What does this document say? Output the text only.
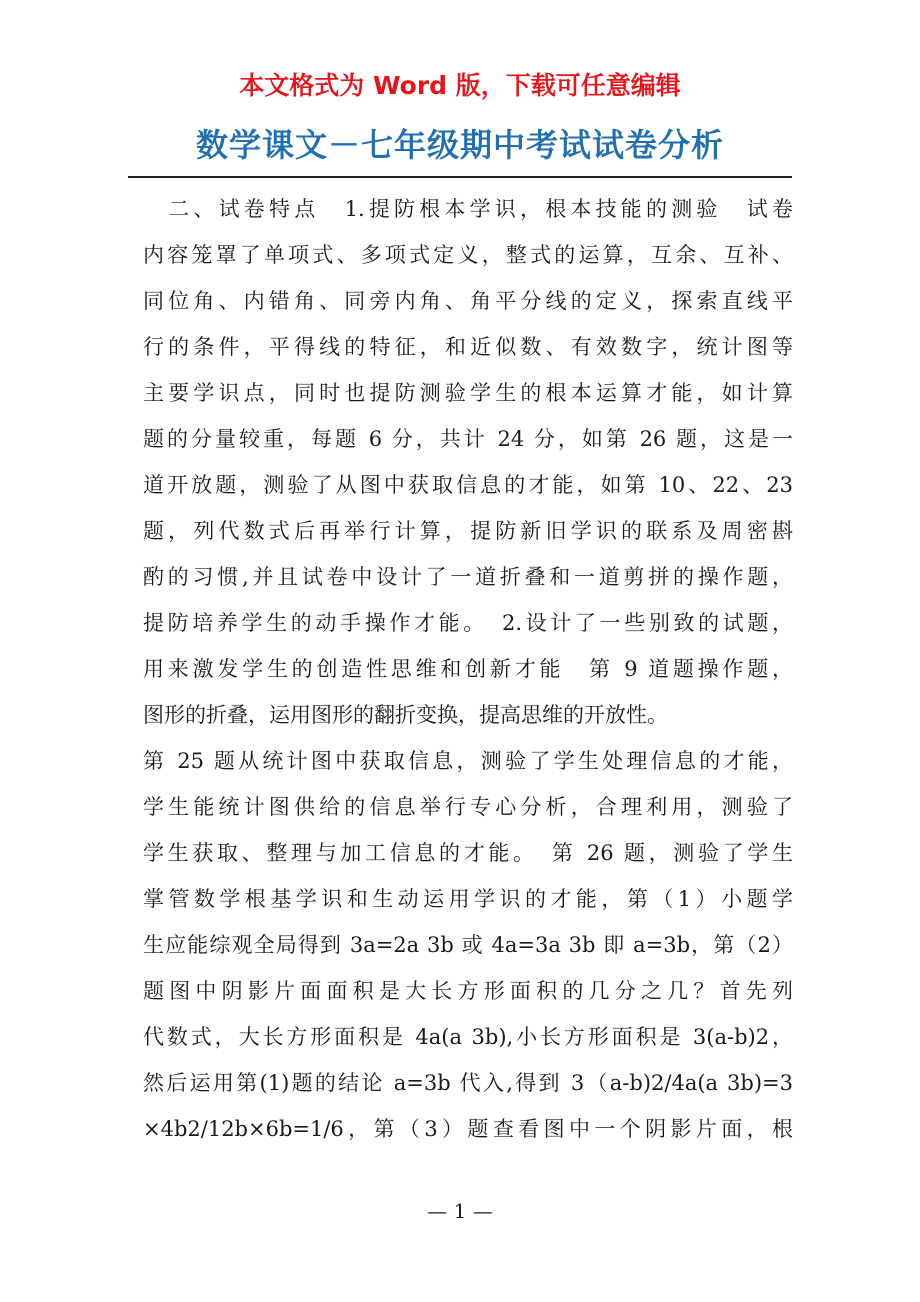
本文格式为 Word 版，下载可任意编辑
数学课文－七年级期中考试试卷分析
　二、试卷特点　1.提防根本学识，根本技能的测验　试卷
内容笼罩了单项式、多项式定义，整式的运算，互余、互补、
同位角、内错角、同旁内角、角平分线的定义，探索直线平
行的条件，平得线的特征，和近似数、有效数字，统计图等
主要学识点，同时也提防测验学生的根本运算才能，如计算
题的分量较重，每题 6 分，共计 24 分，如第 26 题，这是一
道开放题，测验了从图中获取信息的才能，如第 10、22、23
题，列代数式后再举行计算，提防新旧学识的联系及周密斟
酌的习惯,并且试卷中设计了一道折叠和一道剪拼的操作题，
提防培养学生的动手操作才能。　2.设计了一些别致的试题，
用来激发学生的创造性思维和创新才能　第 9 道题操作题，
图形的折叠，运用图形的翻折变换，提高思维的开放性。
第 25 题从统计图中获取信息，测验了学生处理信息的才能，
学生能统计图供给的信息举行专心分析，合理利用，测验了
学生获取、整理与加工信息的才能。　第 26 题，测验了学生
掌管数学根基学识和生动运用学识的才能，第（1）小题学
生应能综观全局得到 3a=2a 3b 或 4a=3a 3b 即 a=3b，第（2）
题图中阴影片面面积是大长方形面积的几分之几？首先列
代数式，大长方形面积是 4a(a 3b),小长方形面积是 3(a-b)2，
然后运用第(1)题的结论 a=3b 代入,得到 3（a-b)2/4a(a 3b)=3
×4b2/12b×6b=1/6，第（3）题查看图中一个阴影片面，根
— 1 —
